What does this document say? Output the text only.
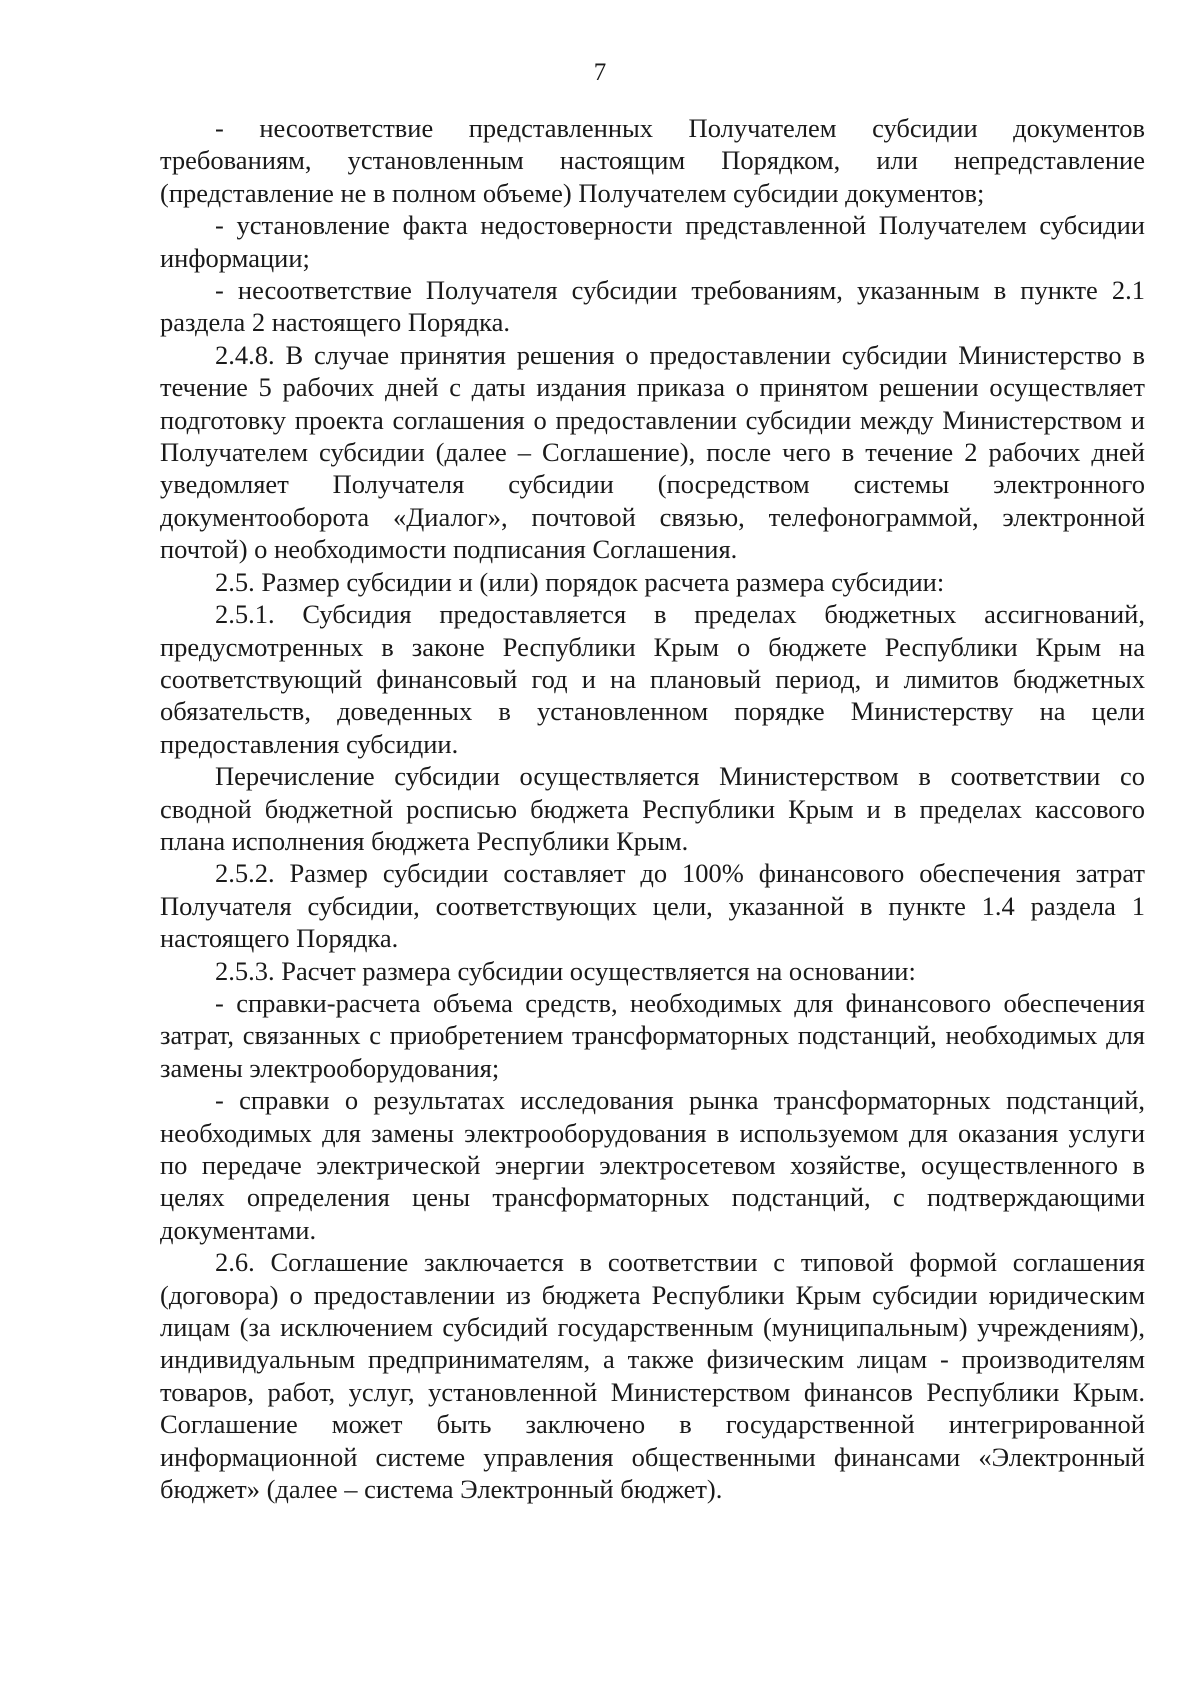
7

- несоответствие представленных Получателем субсидии документов требованиям, установленным настоящим Порядком, или непредставление (представление не в полном объеме) Получателем субсидии документов;

- установление факта недостоверности представленной Получателем субсидии информации;

- несоответствие Получателя субсидии требованиям, указанным в пункте 2.1 раздела 2 настоящего Порядка.

2.4.8. В случае принятия решения о предоставлении субсидии Министерство в течение 5 рабочих дней с даты издания приказа о принятом решении осуществляет подготовку проекта соглашения о предоставлении субсидии между Министерством и Получателем субсидии (далее – Соглашение), после чего в течение 2 рабочих дней уведомляет Получателя субсидии (посредством системы электронного документооборота «Диалог», почтовой связью, телефонограммой, электронной почтой) о необходимости подписания Соглашения.

2.5. Размер субсидии и (или) порядок расчета размера субсидии:

2.5.1. Субсидия предоставляется в пределах бюджетных ассигнований, предусмотренных в законе Республики Крым о бюджете Республики Крым на соответствующий финансовый год и на плановый период, и лимитов бюджетных обязательств, доведенных в установленном порядке Министерству на цели предоставления субсидии.

Перечисление субсидии осуществляется Министерством в соответствии со сводной бюджетной росписью бюджета Республики Крым и в пределах кассового плана исполнения бюджета Республики Крым.

2.5.2. Размер субсидии составляет до 100% финансового обеспечения затрат Получателя субсидии, соответствующих цели, указанной в пункте 1.4 раздела 1 настоящего Порядка.

2.5.3. Расчет размера субсидии осуществляется на основании:

- справки-расчета объема средств, необходимых для финансового обеспечения затрат, связанных с приобретением трансформаторных подстанций, необходимых для замены электрооборудования;

- справки о результатах исследования рынка трансформаторных подстанций, необходимых для замены электрооборудования в используемом для оказания услуги по передаче электрической энергии электросетевом хозяйстве, осуществленного в целях определения цены трансформаторных подстанций, с подтверждающими документами.

2.6. Соглашение заключается в соответствии с типовой формой соглашения (договора) о предоставлении из бюджета Республики Крым субсидии юридическим лицам (за исключением субсидий государственным (муниципальным) учреждениям), индивидуальным предпринимателям, а также физическим лицам - производителям товаров, работ, услуг, установленной Министерством финансов Республики Крым. Соглашение может быть заключено в государственной интегрированной информационной системе управления общественными финансами «Электронный бюджет» (далее – система Электронный бюджет).
